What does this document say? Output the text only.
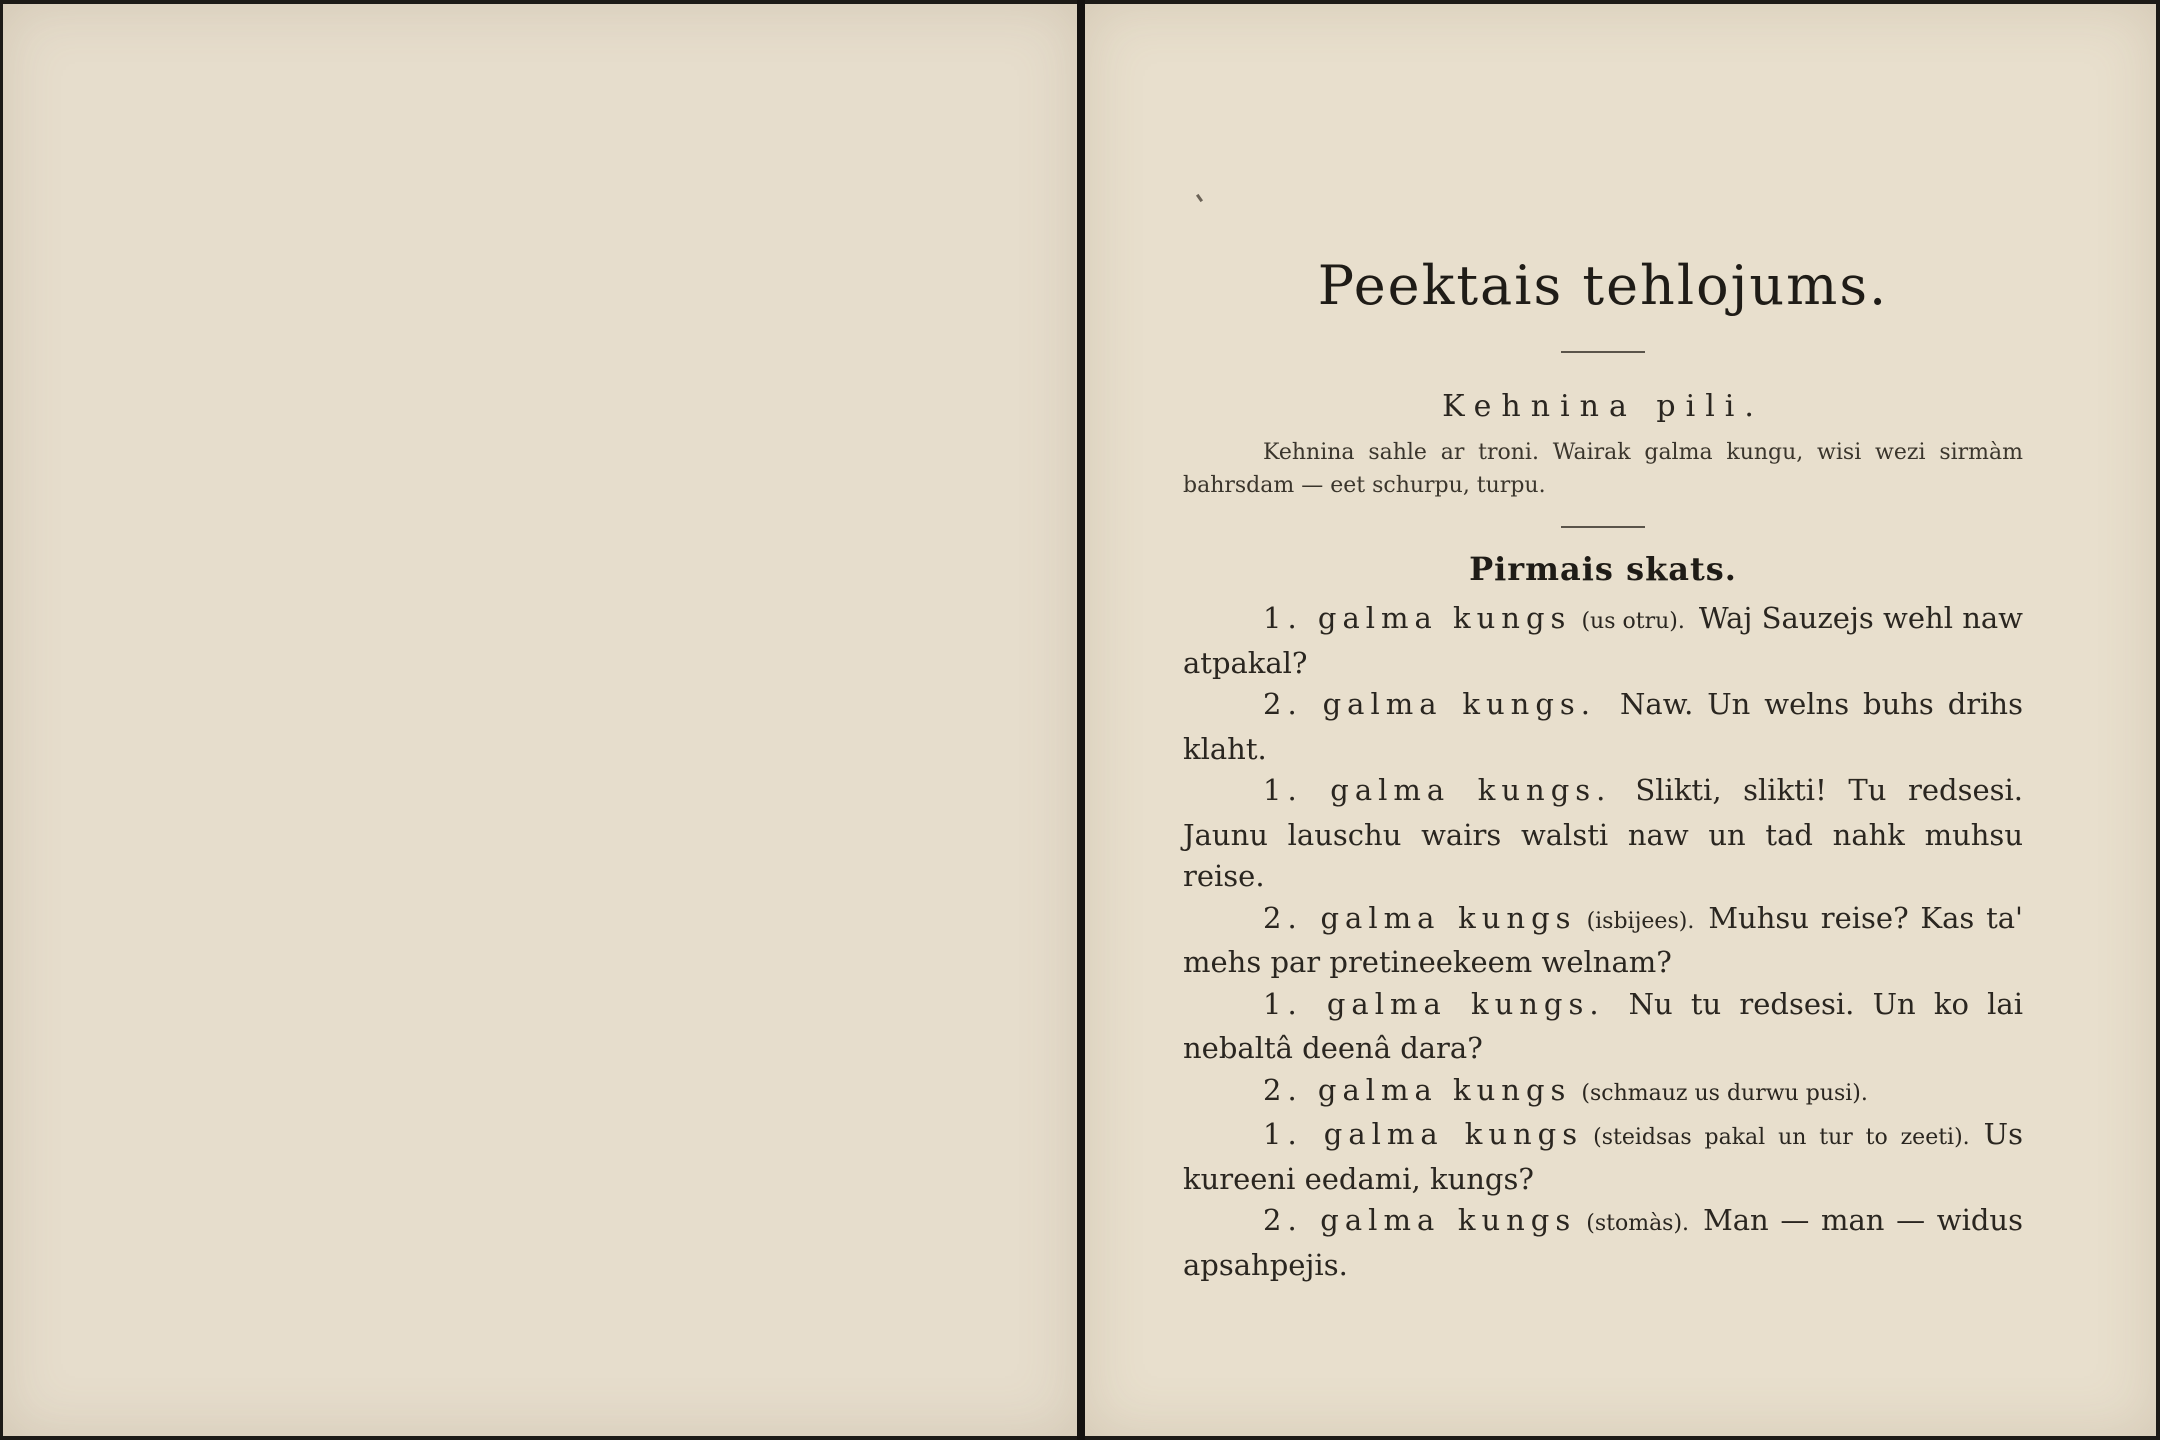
Peektais tehlojums.
Kehnina pili.
Kehnina sahle ar troni. Wairak galma kungu, wisi wezi sirmàm bahrsdam — eet schurpu, turpu.
Pirmais skats.

1. galma kungs (us otru). Waj Sauzejs wehl naw atpakal?

2. galma kungs. Naw. Un welns buhs drihs klaht.

1. galma kungs. Slikti, slikti! Tu redsesi. Jaunu lauschu wairs walsti naw un tad nahk muhsu reise.

2. galma kungs (isbijees). Muhsu reise? Kas ta' mehs par pretineekeem welnam?

1. galma kungs. Nu tu redsesi. Un ko lai nebaltâ deenâ dara?

2. galma kungs (schmauz us durwu pusi).

1. galma kungs (steidsas pakal un tur to zeeti). Us kureeni eedami, kungs?

2. galma kungs (stomàs). Man — man — widus apsahpejis.
